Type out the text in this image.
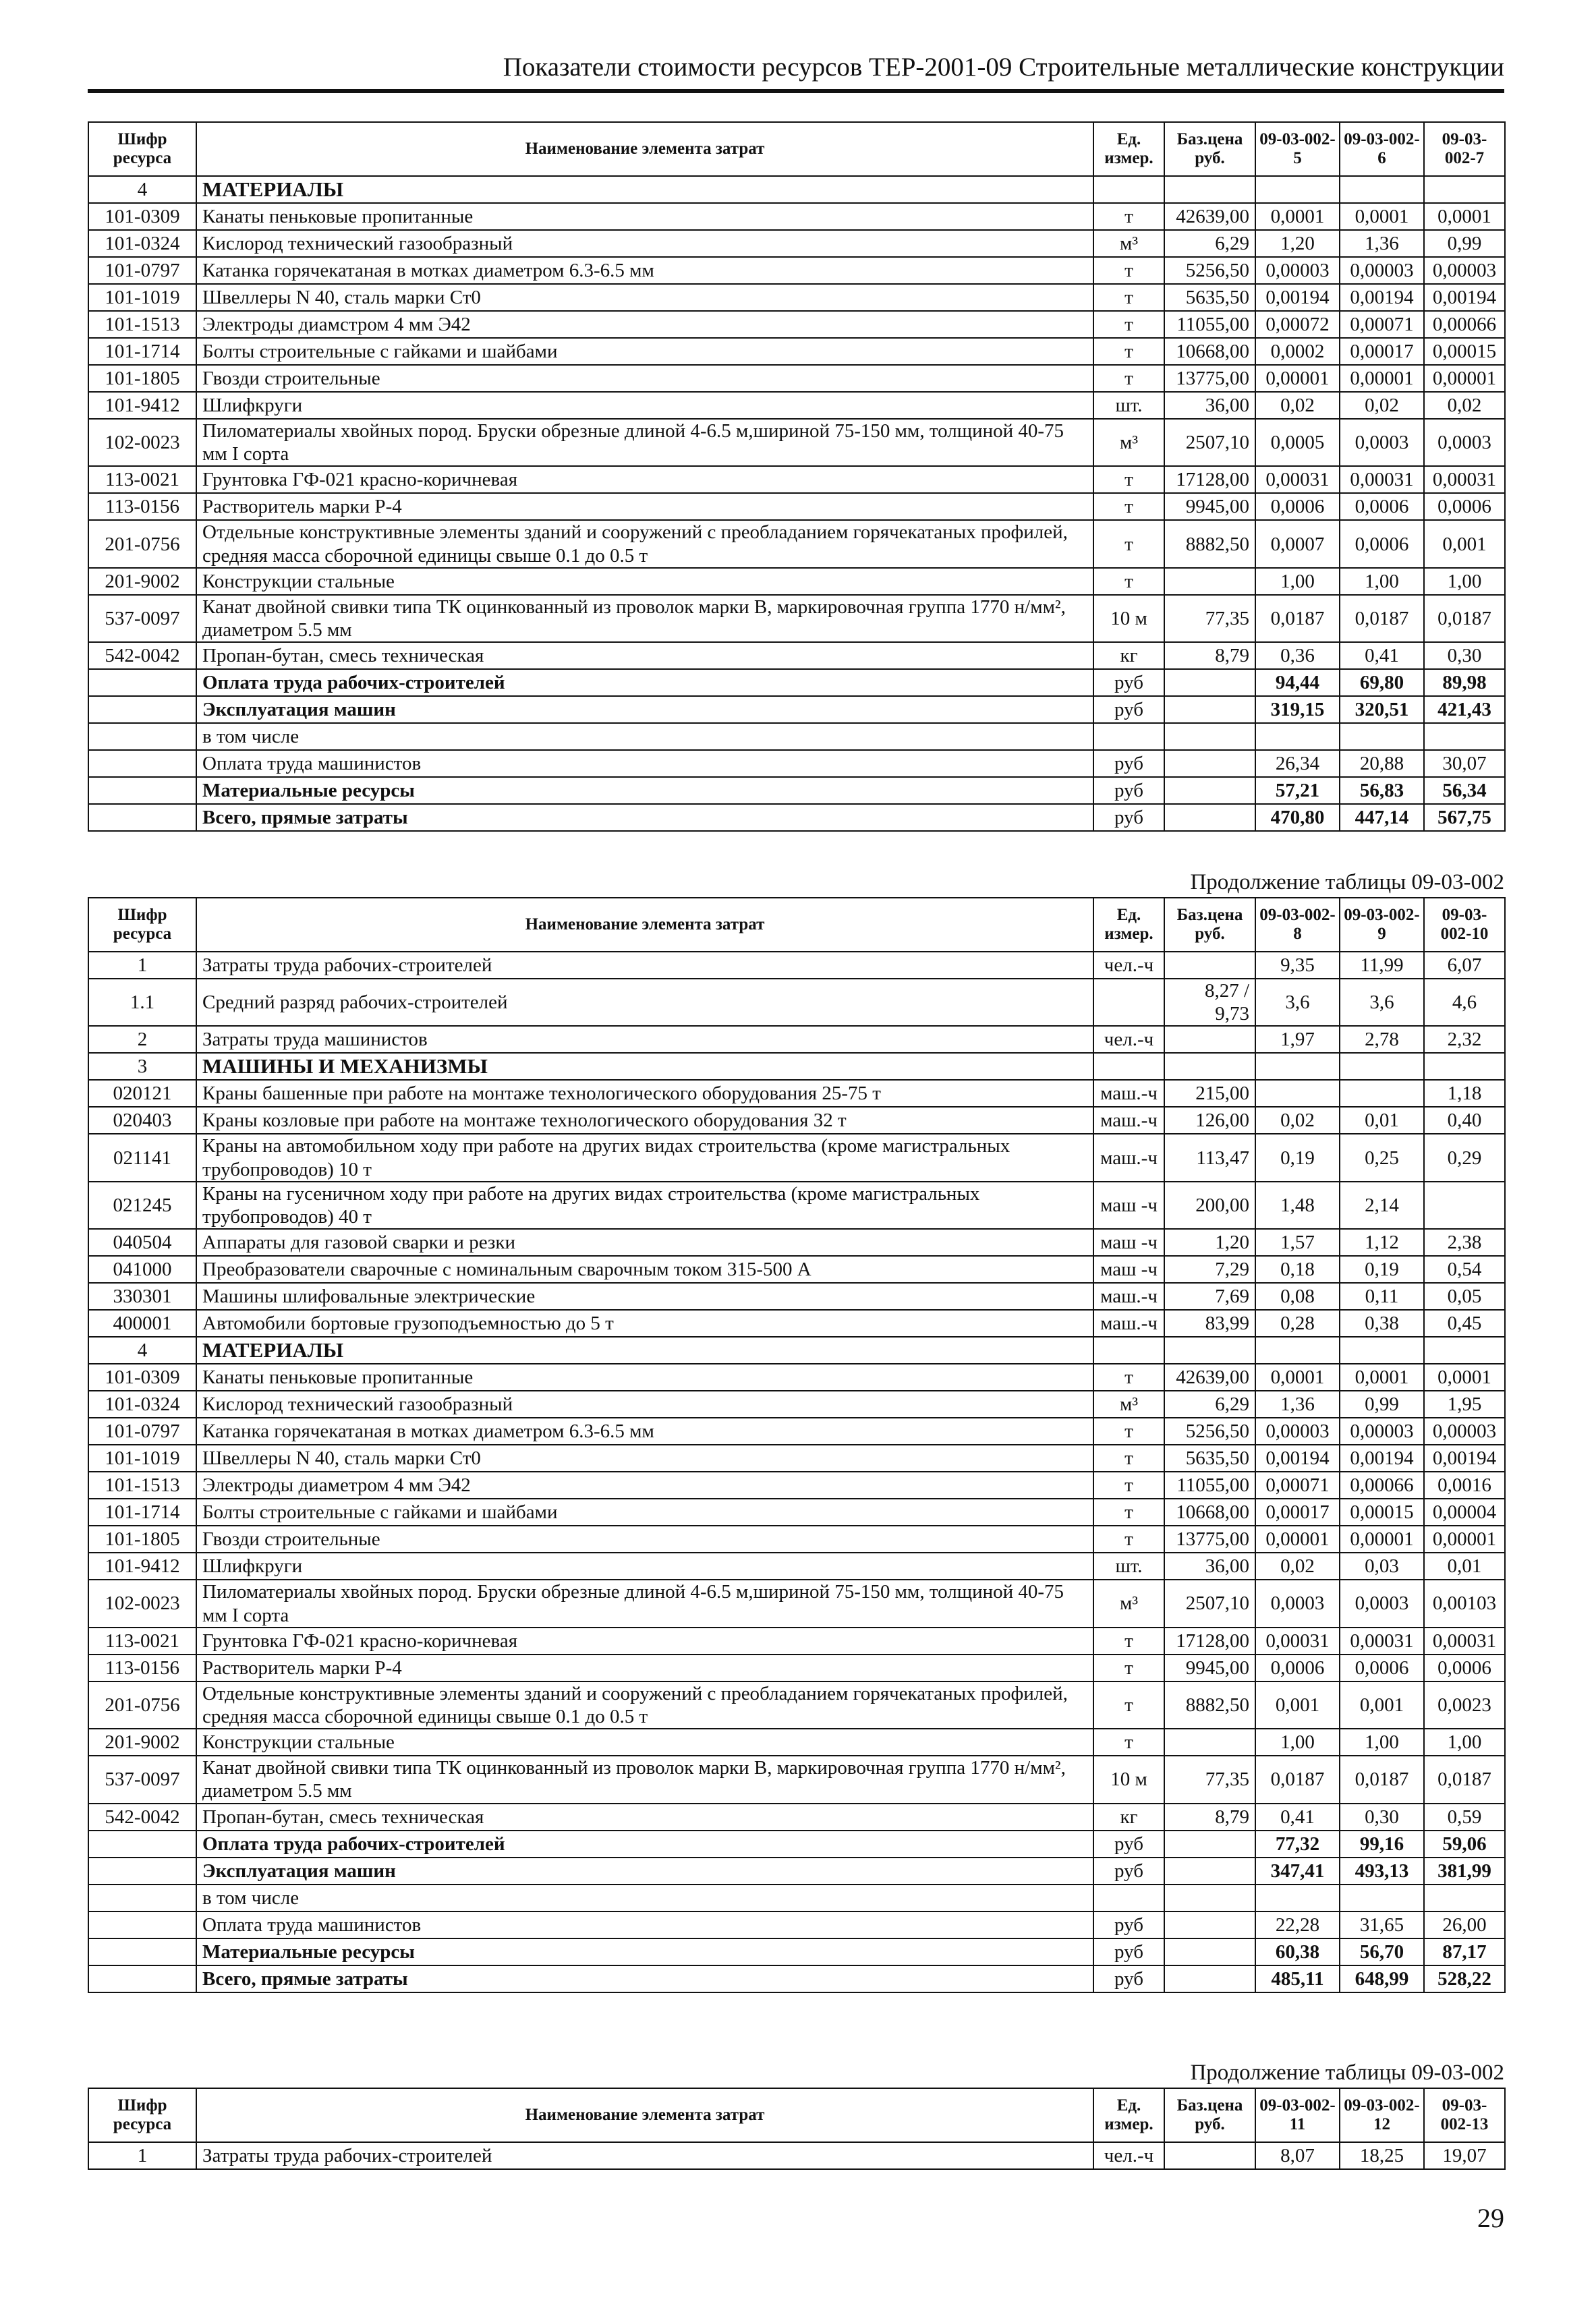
Показатели стоимости ресурсов ТЕР-2001-09 Строительные металлические конструкции
Шифр ресурса	Наименование элемента затрат	Ед. измер.	Баз.цена руб.	09-03-002-5	09-03-002-6	09-03-002-7
4	МАТЕРИАЛЫ					
101-0309	Канаты пеньковые пропитанные	т	42639,00	0,0001	0,0001	0,0001
101-0324	Кислород технический газообразный	м³	6,29	1,20	1,36	0,99
101-0797	Катанка горячекатаная в мотках диаметром 6.3-6.5 мм	т	5256,50	0,00003	0,00003	0,00003
101-1019	Швеллеры N 40, сталь марки Ст0	т	5635,50	0,00194	0,00194	0,00194
101-1513	Электроды диамстром 4 мм Э42	т	11055,00	0,00072	0,00071	0,00066
101-1714	Болты строительные с гайками и шайбами	т	10668,00	0,0002	0,00017	0,00015
101-1805	Гвозди строительные	т	13775,00	0,00001	0,00001	0,00001
101-9412	Шлифкруги	шт.	36,00	0,02	0,02	0,02
102-0023	Пиломатериалы хвойных пород. Бруски обрезные длиной 4-6.5 м,шириной 75-150 мм, толщиной 40-75 мм I сорта	м³	2507,10	0,0005	0,0003	0,0003
113-0021	Грунтовка ГФ-021 красно-коричневая	т	17128,00	0,00031	0,00031	0,00031
113-0156	Растворитель марки Р-4	т	9945,00	0,0006	0,0006	0,0006
201-0756	Отдельные конструктивные элементы зданий и сооружений с преобладанием горячекатаных профилей, средняя масса сборочной единицы свыше 0.1 до 0.5 т	т	8882,50	0,0007	0,0006	0,001
201-9002	Конструкции стальные	т		1,00	1,00	1,00
537-0097	Канат двойной свивки типа ТК оцинкованный из проволок марки В, маркировочная группа 1770 н/мм², диаметром 5.5 мм	10 м	77,35	0,0187	0,0187	0,0187
542-0042	Пропан-бутан, смесь техническая	кг	8,79	0,36	0,41	0,30
	Оплата труда рабочих-строителей	руб		94,44	69,80	89,98
	Эксплуатация машин	руб		319,15	320,51	421,43
	в том числе					
	Оплата труда машинистов	руб		26,34	20,88	30,07
	Материальные ресурсы	руб		57,21	56,83	56,34
	Всего, прямые затраты	руб		470,80	447,14	567,75
Продолжение таблицы 09-03-002
Шифр ресурса	Наименование элемента затрат	Ед. измер.	Баз.цена руб.	09-03-002-8	09-03-002-9	09-03-002-10
1	Затраты труда рабочих-строителей	чел.-ч		9,35	11,99	6,07
1.1	Средний разряд рабочих-строителей		8,27 / 9,73	3,6	3,6	4,6
2	Затраты труда машинистов	чел.-ч		1,97	2,78	2,32
3	МАШИНЫ И МЕХАНИЗМЫ					
020121	Краны башенные при работе на монтаже технологического оборудования 25-75 т	маш.-ч	215,00			1,18
020403	Краны козловые при работе на монтаже технологического оборудования 32 т	маш.-ч	126,00	0,02	0,01	0,40
021141	Краны на автомобильном ходу при работе на других видах строительства (кроме магистральных трубопроводов) 10 т	маш.-ч	113,47	0,19	0,25	0,29
021245	Краны на гусеничном ходу при работе на других видах строительства (кроме магистральных трубопроводов) 40 т	маш -ч	200,00	1,48	2,14	
040504	Аппараты для газовой сварки и резки	маш -ч	1,20	1,57	1,12	2,38
041000	Преобразователи сварочные с номинальным сварочным током 315-500 А	маш -ч	7,29	0,18	0,19	0,54
330301	Машины шлифовальные электрические	маш.-ч	7,69	0,08	0,11	0,05
400001	Автомобили бортовые грузоподъемностью до 5 т	маш.-ч	83,99	0,28	0,38	0,45
4	МАТЕРИАЛЫ					
101-0309	Канаты пеньковые пропитанные	т	42639,00	0,0001	0,0001	0,0001
101-0324	Кислород технический газообразный	м³	6,29	1,36	0,99	1,95
101-0797	Катанка горячекатаная в мотках диаметром 6.3-6.5 мм	т	5256,50	0,00003	0,00003	0,00003
101-1019	Швеллеры N 40, сталь марки Ст0	т	5635,50	0,00194	0,00194	0,00194
101-1513	Электроды диаметром 4 мм Э42	т	11055,00	0,00071	0,00066	0,0016
101-1714	Болты строительные с гайками и шайбами	т	10668,00	0,00017	0,00015	0,00004
101-1805	Гвозди строительные	т	13775,00	0,00001	0,00001	0,00001
101-9412	Шлифкруги	шт.	36,00	0,02	0,03	0,01
102-0023	Пиломатериалы хвойных пород. Бруски обрезные длиной 4-6.5 м,шириной 75-150 мм, толщиной 40-75 мм I сорта	м³	2507,10	0,0003	0,0003	0,00103
113-0021	Грунтовка ГФ-021 красно-коричневая	т	17128,00	0,00031	0,00031	0,00031
113-0156	Растворитель марки Р-4	т	9945,00	0,0006	0,0006	0,0006
201-0756	Отдельные конструктивные элементы зданий и сооружений с преобладанием горячекатаных профилей, средняя масса сборочной единицы свыше 0.1 до 0.5 т	т	8882,50	0,001	0,001	0,0023
201-9002	Конструкции стальные	т		1,00	1,00	1,00
537-0097	Канат двойной свивки типа ТК оцинкованный из проволок марки В, маркировочная группа 1770 н/мм², диаметром 5.5 мм	10 м	77,35	0,0187	0,0187	0,0187
542-0042	Пропан-бутан, смесь техническая	кг	8,79	0,41	0,30	0,59
	Оплата труда рабочих-строителей	руб		77,32	99,16	59,06
	Эксплуатация машин	руб		347,41	493,13	381,99
	в том числе					
	Оплата труда машинистов	руб		22,28	31,65	26,00
	Материальные ресурсы	руб		60,38	56,70	87,17
	Всего, прямые затраты	руб		485,11	648,99	528,22
Продолжение таблицы 09-03-002
Шифр ресурса	Наименование элемента затрат	Ед. измер.	Баз.цена руб.	09-03-002-11	09-03-002-12	09-03-002-13
1	Затраты труда рабочих-строителей	чел.-ч		8,07	18,25	19,07
29
